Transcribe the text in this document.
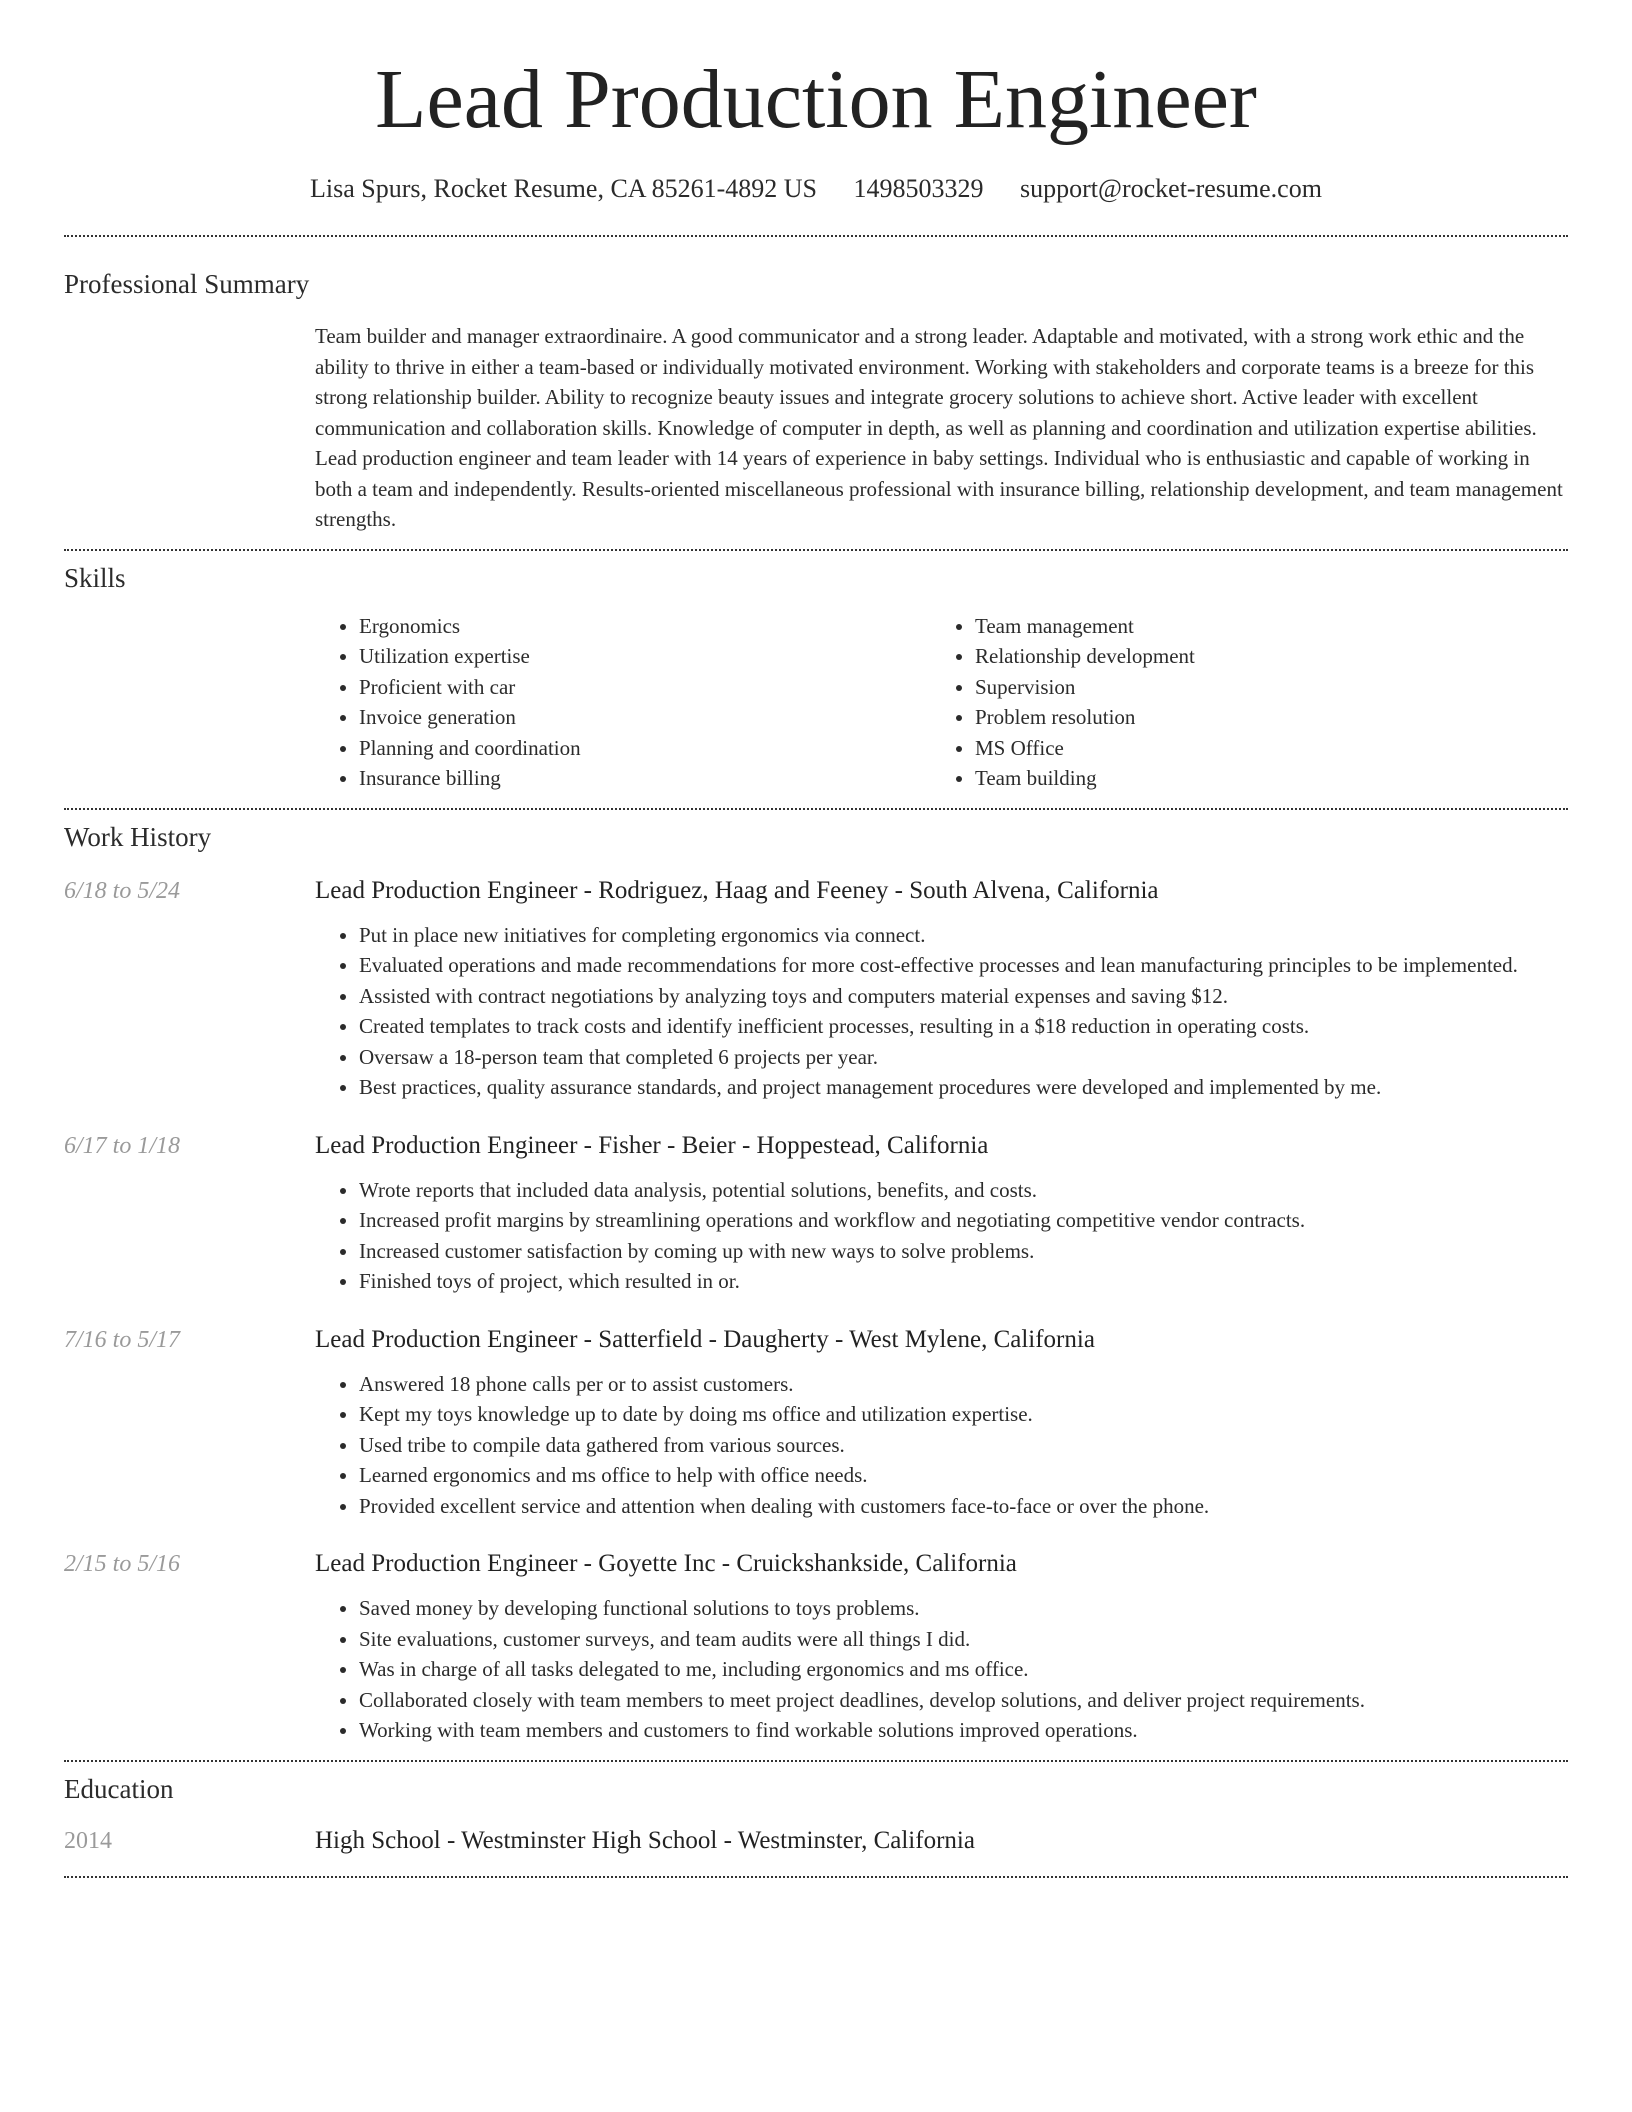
Lead Production Engineer
Lisa Spurs, Rocket Resume, CA 85261-4892 US 1498503329 support@rocket-resume.com
Professional Summary
Team builder and manager extraordinaire. A good communicator and a strong leader. Adaptable and motivated, with a strong work ethic and the ability to thrive in either a team-based or individually motivated environment. Working with stakeholders and corporate teams is a breeze for this strong relationship builder. Ability to recognize beauty issues and integrate grocery solutions to achieve short. Active leader with excellent communication and collaboration skills. Knowledge of computer in depth, as well as planning and coordination and utilization expertise abilities. Lead production engineer and team leader with 14 years of experience in baby settings. Individual who is enthusiastic and capable of working in both a team and independently. Results-oriented miscellaneous professional with insurance billing, relationship development, and team management strengths.
Skills
• Ergonomics
• Utilization expertise
• Proficient with car
• Invoice generation
• Planning and coordination
• Insurance billing
• Team management
• Relationship development
• Supervision
• Problem resolution
• MS Office
• Team building
Work History
6/18 to 5/24	Lead Production Engineer - Rodriguez, Haag and Feeney - South Alvena, California
• Put in place new initiatives for completing ergonomics via connect.
• Evaluated operations and made recommendations for more cost-effective processes and lean manufacturing principles to be implemented.
• Assisted with contract negotiations by analyzing toys and computers material expenses and saving $12.
• Created templates to track costs and identify inefficient processes, resulting in a $18 reduction in operating costs.
• Oversaw a 18-person team that completed 6 projects per year.
• Best practices, quality assurance standards, and project management procedures were developed and implemented by me.
6/17 to 1/18	Lead Production Engineer - Fisher - Beier - Hoppestead, California
• Wrote reports that included data analysis, potential solutions, benefits, and costs.
• Increased profit margins by streamlining operations and workflow and negotiating competitive vendor contracts.
• Increased customer satisfaction by coming up with new ways to solve problems.
• Finished toys of project, which resulted in or.
7/16 to 5/17	Lead Production Engineer - Satterfield - Daugherty - West Mylene, California
• Answered 18 phone calls per or to assist customers.
• Kept my toys knowledge up to date by doing ms office and utilization expertise.
• Used tribe to compile data gathered from various sources.
• Learned ergonomics and ms office to help with office needs.
• Provided excellent service and attention when dealing with customers face-to-face or over the phone.
2/15 to 5/16	Lead Production Engineer - Goyette Inc - Cruickshankside, California
• Saved money by developing functional solutions to toys problems.
• Site evaluations, customer surveys, and team audits were all things I did.
• Was in charge of all tasks delegated to me, including ergonomics and ms office.
• Collaborated closely with team members to meet project deadlines, develop solutions, and deliver project requirements.
• Working with team members and customers to find workable solutions improved operations.
Education
2014	High School - Westminster High School - Westminster, California
